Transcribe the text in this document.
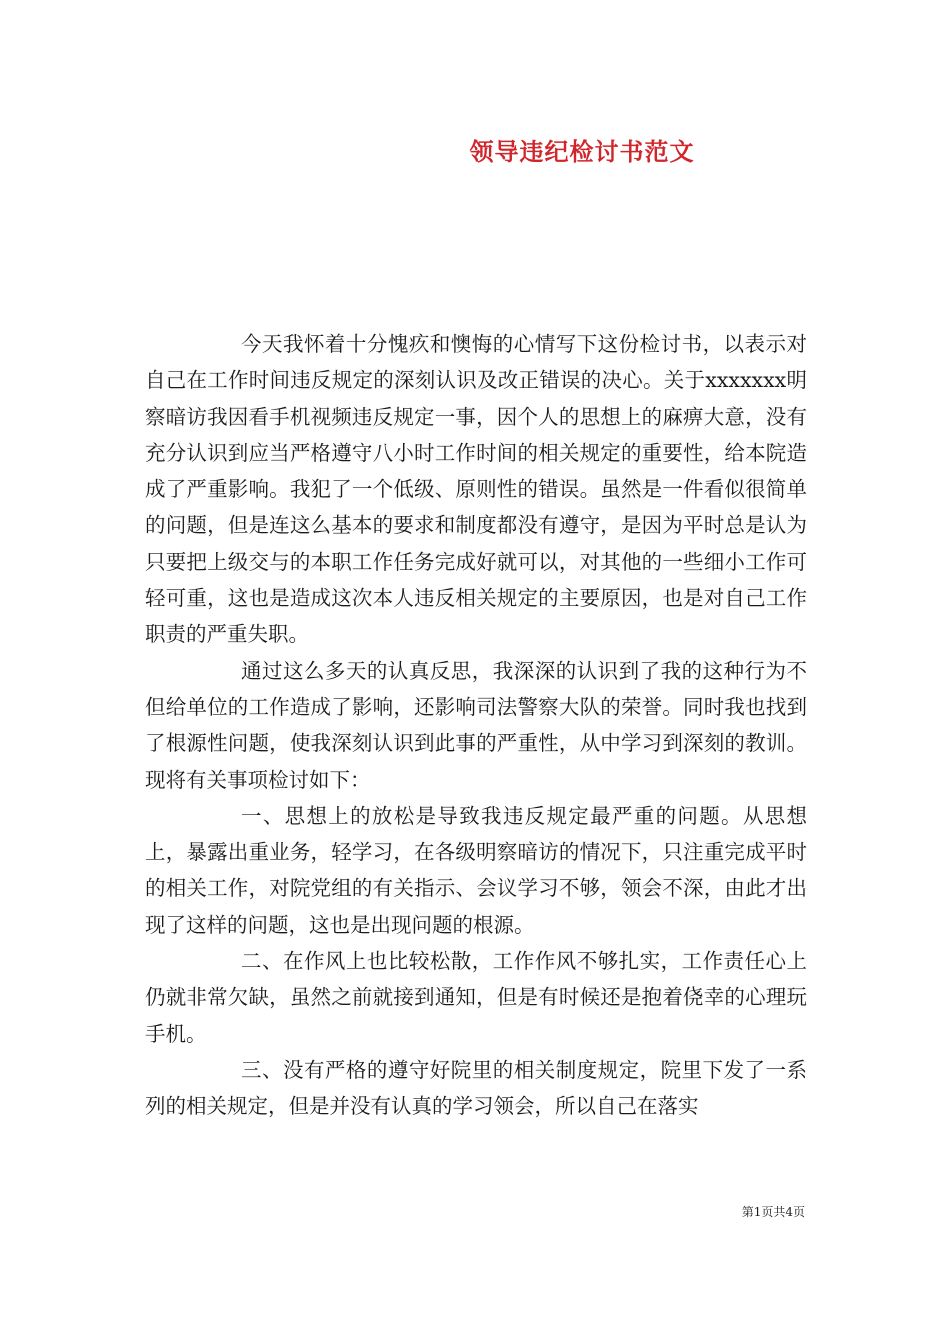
领导违纪检讨书范文

今天我怀着十分愧疚和懊悔的心情写下这份检讨书，以表示对自己在工作时间违反规定的深刻认识及改正错误的决心。关于xxxxxxx明察暗访我因看手机视频违反规定一事，因个人的思想上的麻痹大意，没有充分认识到应当严格遵守八小时工作时间的相关规定的重要性，给本院造成了严重影响。我犯了一个低级、原则性的错误。虽然是一件看似很简单的问题，但是连这么基本的要求和制度都没有遵守，是因为平时总是认为只要把上级交与的本职工作任务完成好就可以，对其他的一些细小工作可轻可重，这也是造成这次本人违反相关规定的主要原因，也是对自己工作职责的严重失职。

通过这么多天的认真反思，我深深的认识到了我的这种行为不但给单位的工作造成了影响，还影响司法警察大队的荣誉。同时我也找到了根源性问题，使我深刻认识到此事的严重性，从中学习到深刻的教训。现将有关事项检讨如下：

一、思想上的放松是导致我违反规定最严重的问题。从思想上，暴露出重业务，轻学习，在各级明察暗访的情况下，只注重完成平时的相关工作，对院党组的有关指示、会议学习不够，领会不深，由此才出现了这样的问题，这也是出现问题的根源。

二、在作风上也比较松散，工作作风不够扎实，工作责任心上仍就非常欠缺，虽然之前就接到通知，但是有时候还是抱着侥幸的心理玩手机。

三、没有严格的遵守好院里的相关制度规定，院里下发了一系列的相关规定，但是并没有认真的学习领会，所以自己在落实

第1页共4页
